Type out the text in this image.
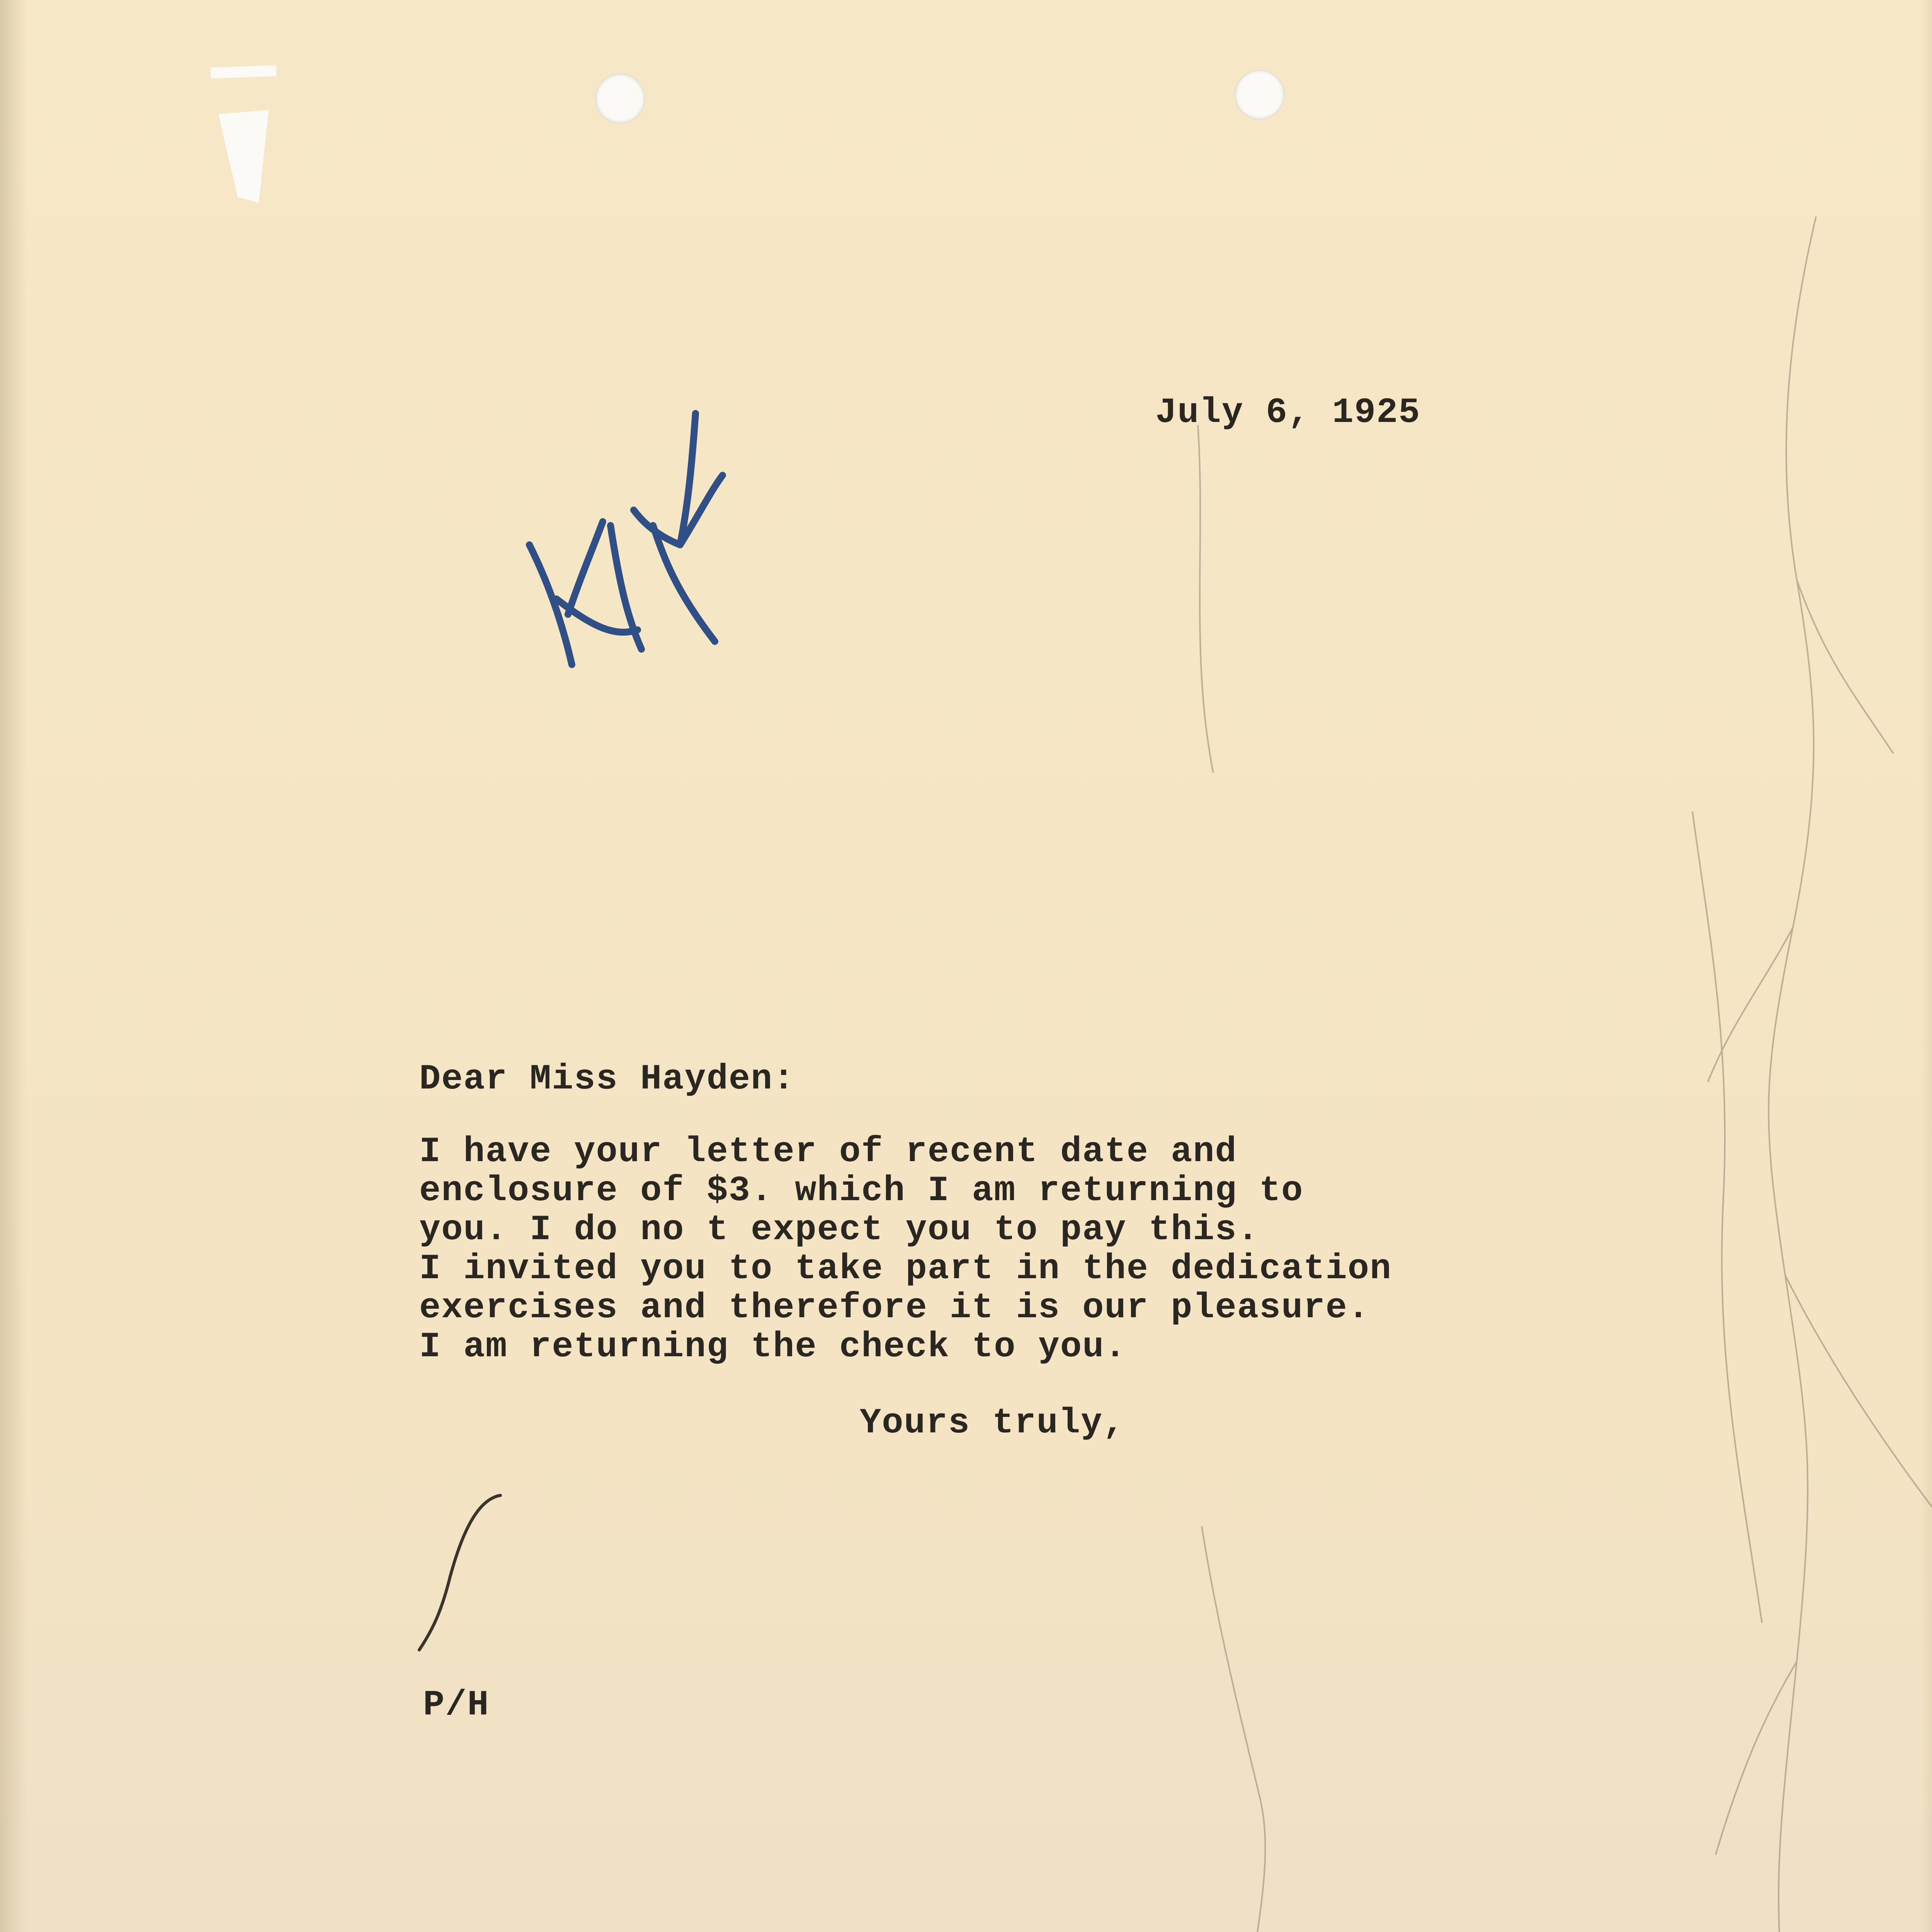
July 6, 1925
Dear Miss Hayden:
I have your letter of recent date and
enclosure of $3. which I am returning to
you. I do no t expect you to pay this.
I invited you to take part in the dedication
exercises and therefore it is our pleasure.
I am returning the check to you.
Yours truly,
P/H
